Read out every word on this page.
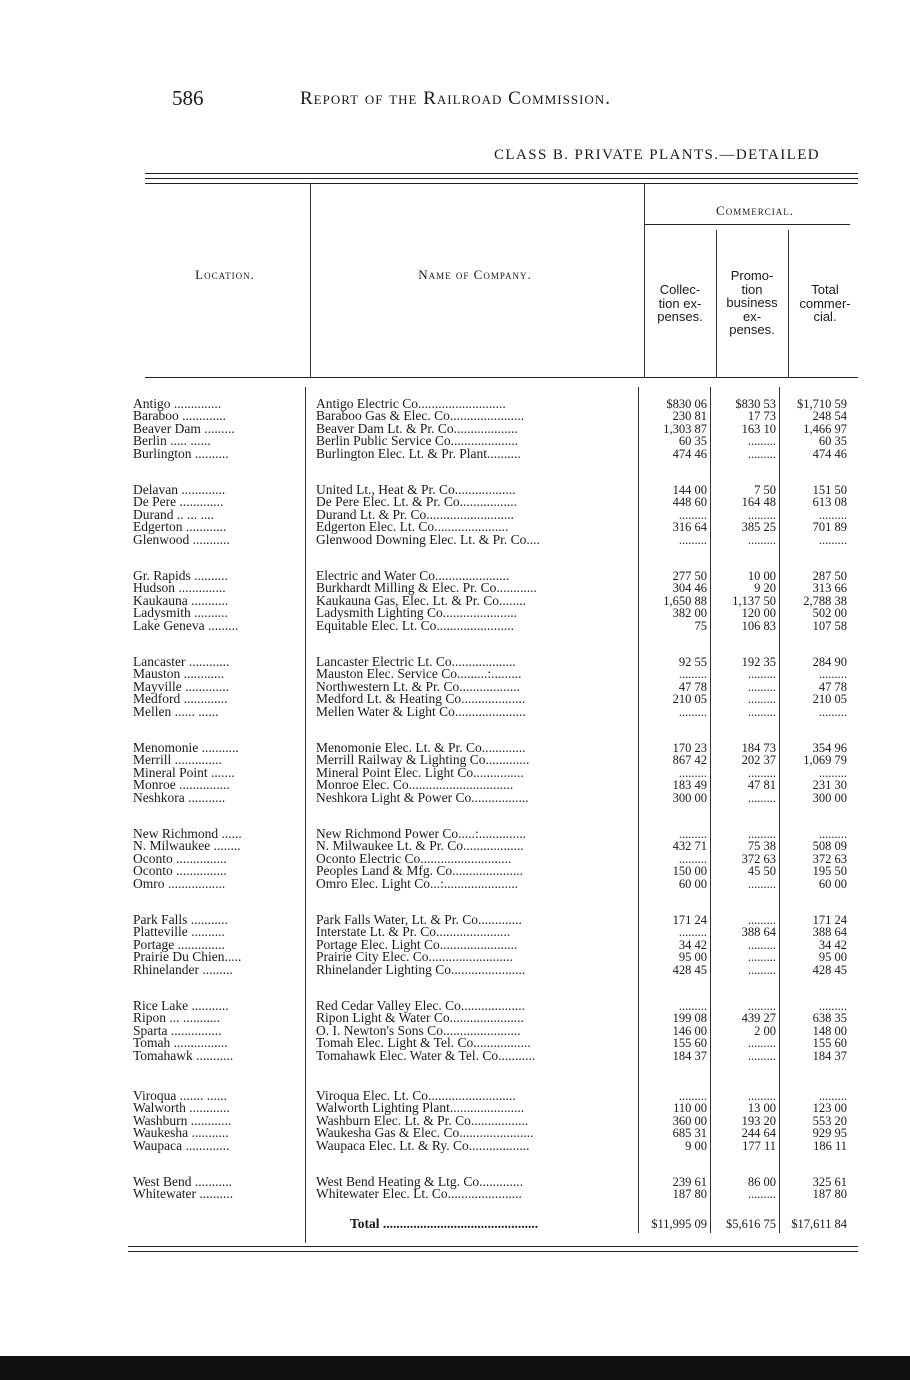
586	Report of the Railroad Commission.
CLASS B. PRIVATE PLANTS.—DETAILED
Location.	Name of Company.
Commercial.
Collec-
tion ex-
penses.
Promo-
tion
business
ex-
penses.
Total
commer-
cial.
Antigo ..............	Antigo Electric Co..........................	$830 06	$830 53	$1,710 59
Baraboo .............	Baraboo Gas & Elec. Co......................	230 81	17 73	248 54
Beaver Dam .........	Beaver Dam Lt. & Pr. Co...................	1,303 87	163 10	1,466 97
Berlin ..... ......	Berlin Public Service Co....................	60 35	.........	60 35
Burlington ..........	Burlington Elec. Lt. & Pr. Plant..........	474 46	.........	474 46
Delavan .............	United Lt., Heat & Pr. Co..................	144 00	7 50	151 50
De Pere .............	De Pere Elec. Lt. & Pr. Co.................	448 60	164 48	613 08
Durand .. ... ....	Durand Lt. & Pr. Co..........................	.........	.........	.........
Edgerton ............	Edgerton Elec. Lt. Co......................	316 64	385 25	701 89
Glenwood ...........	Glenwood Downing Elec. Lt. & Pr. Co....	.........	.........	.........
Gr. Rapids ..........	Electric and Water Co......................	277 50	10 00	287 50
Hudson ..............	Burkhardt Milling & Elec. Pr. Co............	304 46	9 20	313 66
Kaukauna ...........	Kaukauna Gas, Elec. Lt. & Pr. Co........	1,650 88	1,137 50	2,788 38
Ladysmith ..........	Ladysmith Lighting Co......................	382 00	120 00	502 00
Lake Geneva .........	Equitable Elec. Lt. Co.......................	75	106 83	107 58
Lancaster ............	Lancaster Electric Lt. Co...................	92 55	192 35	284 90
Mauston ............	Mauston Elec. Service Co.........:.........	.........	.........	.........
Mayville .............	Northwestern Lt. & Pr. Co..................	47 78	.........	47 78
Medford .............	Medford Lt. & Heating Co...................	210 05	.........	210 05
Mellen ...... ......	Mellen Water & Light Co.....................	.........	.........	.........
Menomonie ...........	Menomonie Elec. Lt. & Pr. Co.............	170 23	184 73	354 96
Merrill ..............	Merrill Railway & Lighting Co.............	867 42	202 37	1,069 79
Mineral Point .......	Mineral Point Elec. Light Co...............	.........	.........	.........
Monroe ...............	Monroe Elec. Co...............................	183 49	47 81	231 30
Neshkora ...........	Neshkora Light & Power Co.................	300 00	.........	300 00
New Richmond ......	New Richmond Power Co.....:..............	.........	.........	.........
N. Milwaukee ........	N. Milwaukee Lt. & Pr. Co..................	432 71	75 38	508 09
Oconto ...............	Oconto Electric Co...........................	.........	372 63	372 63
Oconto ...............	Peoples Land & Mfg. Co.....................	150 00	45 50	195 50
Omro .................	Omro Elec. Light Co...:......................	60 00	.........	60 00
Park Falls ...........	Park Falls Water, Lt. & Pr. Co.............	171 24	.........	171 24
Platteville ..........	Interstate Lt. & Pr. Co......................	.........	388 64	388 64
Portage ..............	Portage Elec. Light Co.......................	34 42	.........	34 42
Prairie Du Chien.....	Prairie City Elec. Co.........................	95 00	.........	95 00
Rhinelander .........	Rhinelander Lighting Co......................	428 45	.........	428 45
Rice Lake ...........	Red Cedar Valley Elec. Co...................	.........	.........	.........
Ripon ... ...........	Ripon Light & Water Co......................	199 08	439 27	638 35
Sparta ...............	O. I. Newton's Sons Co.......................	146 00	2 00	148 00
Tomah ................	Tomah Elec. Light & Tel. Co.................	155 60	.........	155 60
Tomahawk ...........	Tomahawk Elec. Water & Tel. Co...........	184 37	.........	184 37
Viroqua ....... ......	Viroqua Elec. Lt. Co..........................	.........	.........	.........
Walworth ............	Walworth Lighting Plant......................	110 00	13 00	123 00
Washburn ............	Washburn Elec. Lt. & Pr. Co.................	360 00	193 20	553 20
Waukesha ...........	Waukesha Gas & Elec. Co......................	685 31	244 64	929 95
Waupaca .............	Waupaca Elec. Lt. & Ry. Co..................	9 00	177 11	186 11
West Bend ...........	West Bend Heating & Ltg. Co.............	239 61	86 00	325 61
Whitewater ..........	Whitewater Elec. Lt. Co......................	187 80	.........	187 80
Total ..............................................	$11,995 09	$5,616 75	$17,611 84
